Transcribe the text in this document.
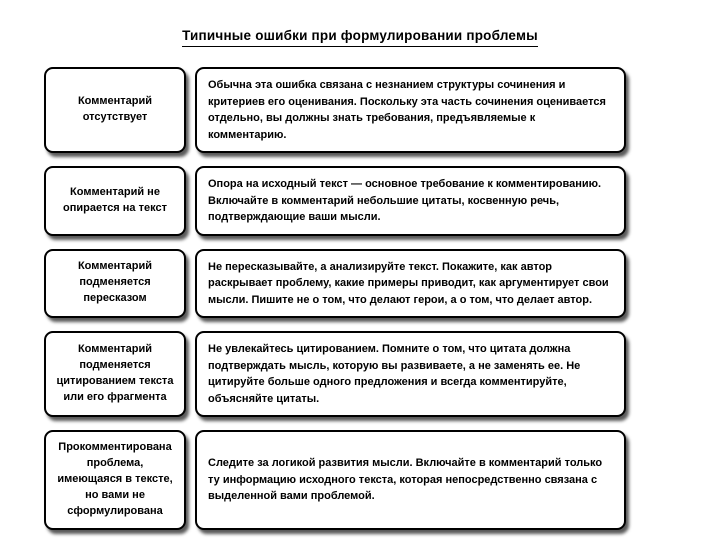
Типичные ошибки при формулировании проблемы
Комментарий отсутствует
Обычна эта ошибка связана с незнанием структуры сочинения и критериев его оценивания. Поскольку эта часть сочинения оценивается отдельно, вы должны знать требования, предъявляемые к комментарию.
Комментарий не опирается на текст
Опора на исходный текст — основное требование к комментированию. Включайте в комментарий небольшие цитаты, косвенную речь, подтверждающие ваши мысли.
Комментарий подменяется пересказом
Не пересказывайте, а анализируйте текст. Покажите, как автор раскрывает проблему, какие примеры приводит, как аргументирует свои мысли. Пишите не о том, что делают герои, а о том, что делает автор.
Комментарий подменяется цитированием текста или его фрагмента
Не увлекайтесь цитированием. Помните о том, что цитата должна подтверждать мысль, которую вы развиваете, а не заменять ее. Не цитируйте больше одного предложения и всегда комментируйте, объясняйте цитаты.
Прокомментирована проблема, имеющаяся в тексте, но вами не сформулирована
Следите за логикой развития мысли. Включайте в комментарий только ту информацию исходного текста, которая непосредственно связана с выделенной вами проблемой.
